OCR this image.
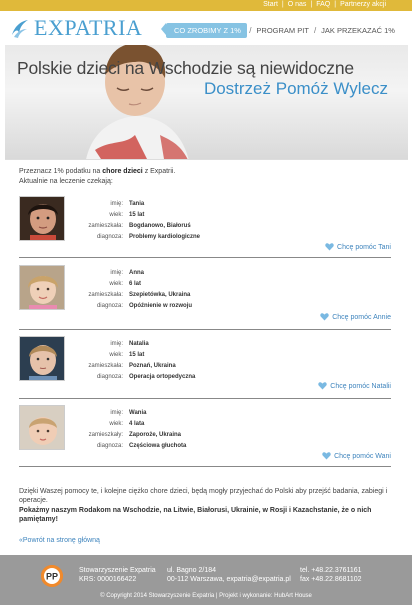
Start | O nas | FAQ | Partnerzy akcji
EXPATRIA	CO ZROBIMY Z 1% / PROGRAM PIT / JAK PRZEKAZAĆ 1%
Polskie dzieci na Wschodzie są niewidoczne
Dostrzeż Pomóż Wylecz
Przeznacz 1% podatku na chore dzieci z Expatrii.
Aktualnie na leczenie czekają:
imię:	Tania
wiek:	15 lat
zamieszkała:	Bogdanowo, Białoruś
diagnoza:	Problemy kardiologiczne
Chcę pomóc Tani
imię:	Anna
wiek:	6 lat
zamieszkała:	Szepietówka, Ukraina
diagnoza:	Opóźnienie w rozwoju
Chcę pomóc Annie
imię:	Natalia
wiek:	15 lat
zamieszkała:	Poznań, Ukraina
diagnoza:	Operacja ortopedyczna
Chcę pomóc Natalii
imię:	Wania
wiek:	4 lata
zamieszkały:	Zaporoże, Ukraina
diagnoza:	Częściowa głuchota
Chcę pomóc Wani
Dzięki Waszej pomocy te, i kolejne ciężko chore dzieci, będą mogły przyjechać do Polski aby przejść badania, zabiegi i operacje.
Pokażmy naszym Rodakom na Wschodzie, na Litwie, Białorusi, Ukrainie, w Rosji i Kazachstanie, że o nich pamiętamy!
«Powrót na stronę główną
PP
Stowarzyszenie Expatria
KRS: 0000166422
ul. Bagno 2/184
00-112 Warszawa, expatria@expatria.pl
tel. +48.22.3761161
fax +48.22.8681102
© Copyright 2014 Stowarzyszenie Expatria | Projekt i wykonanie: HubArt House
